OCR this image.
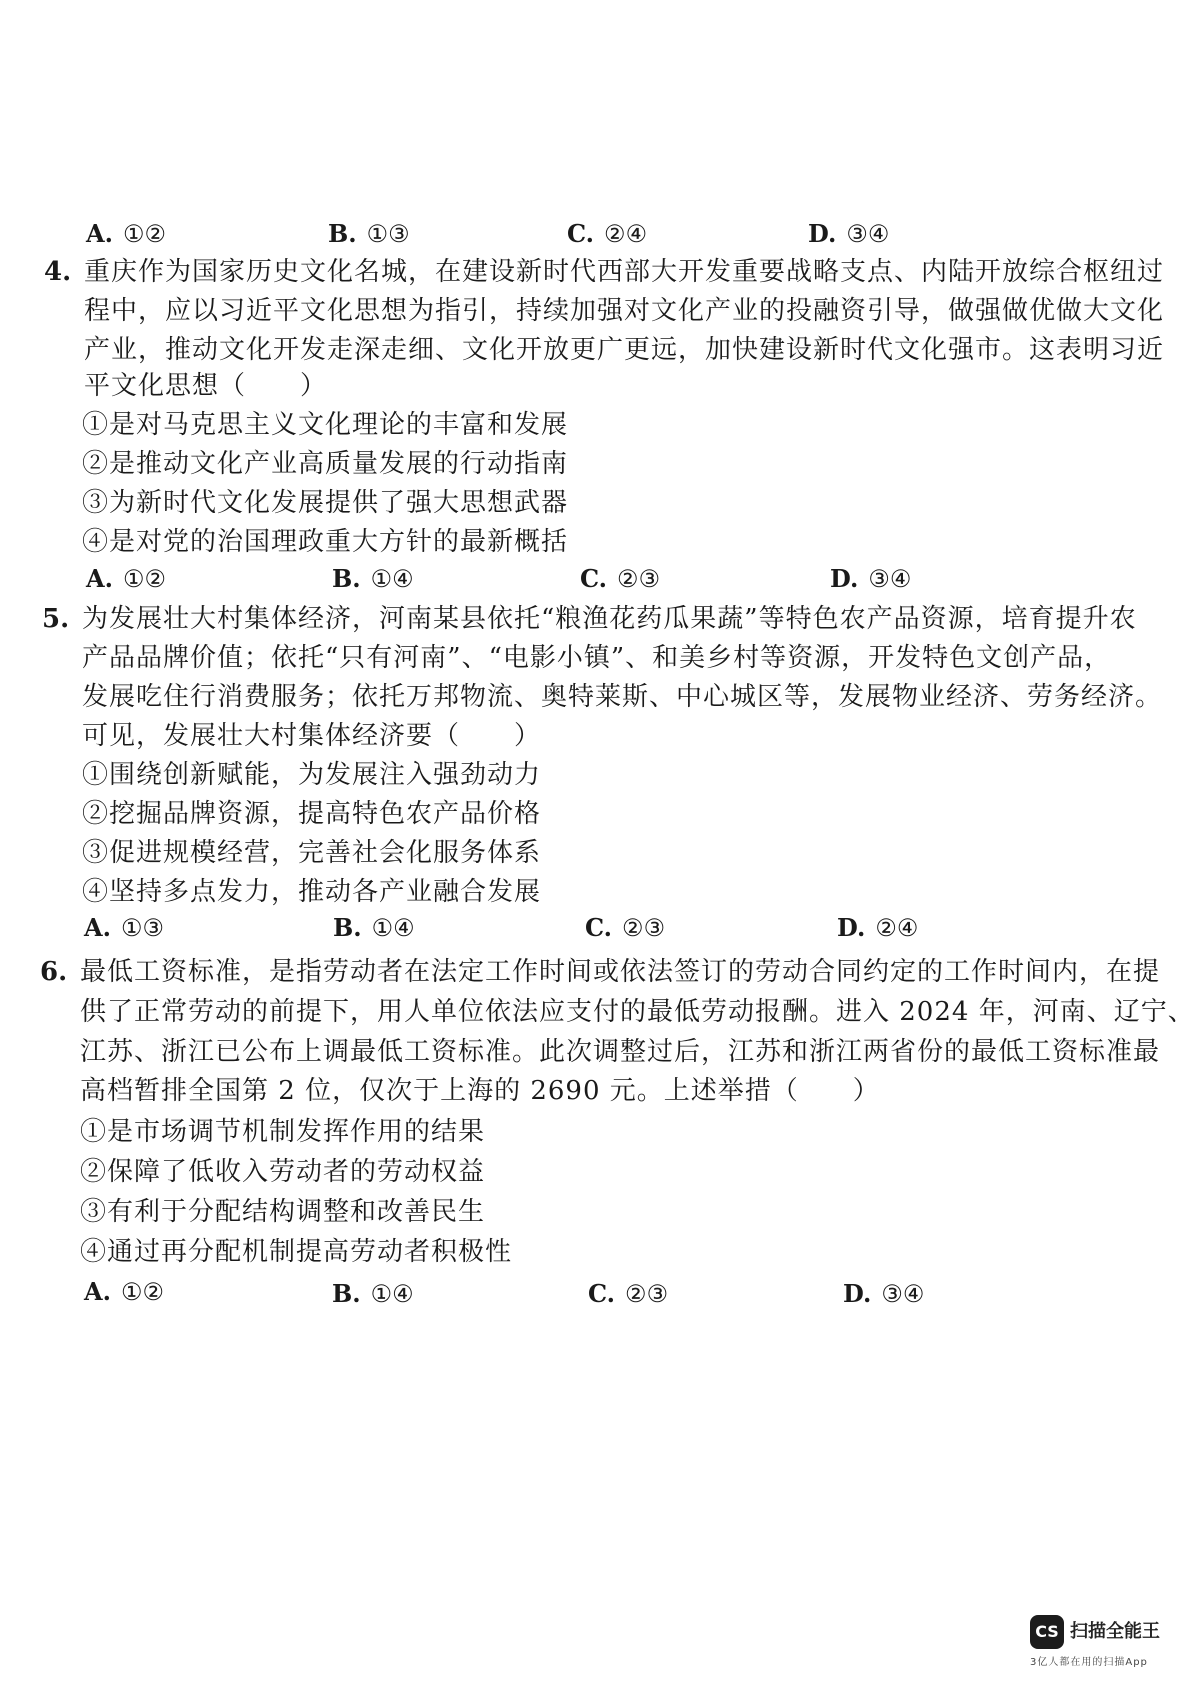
A. ①②	B. ①③	C. ②④	D. ③④
4. 重庆作为国家历史文化名城，在建设新时代西部大开发重要战略支点、内陆开放综合枢纽过
程中，应以习近平文化思想为指引，持续加强对文化产业的投融资引导，做强做优做大文化
产业，推动文化开发走深走细、文化开放更广更远，加快建设新时代文化强市。这表明习近
平文化思想（　　）
①是对马克思主义文化理论的丰富和发展
②是推动文化产业高质量发展的行动指南
③为新时代文化发展提供了强大思想武器
④是对党的治国理政重大方针的最新概括
A. ①②	B. ①④	C. ②③	D. ③④
5. 为发展壮大村集体经济，河南某县依托“粮渔花药瓜果蔬”等特色农产品资源，培育提升农
产品品牌价值；依托“只有河南”、“电影小镇”、和美乡村等资源，开发特色文创产品，
发展吃住行消费服务；依托万邦物流、奥特莱斯、中心城区等，发展物业经济、劳务经济。
可见，发展壮大村集体经济要（　　）
①围绕创新赋能，为发展注入强劲动力
②挖掘品牌资源，提高特色农产品价格
③促进规模经营，完善社会化服务体系
④坚持多点发力，推动各产业融合发展
A. ①③	B. ①④	C. ②③	D. ②④
6. 最低工资标准，是指劳动者在法定工作时间或依法签订的劳动合同约定的工作时间内，在提
供了正常劳动的前提下，用人单位依法应支付的最低劳动报酬。进入 2024 年，河南、辽宁、
江苏、浙江已公布上调最低工资标准。此次调整过后，江苏和浙江两省份的最低工资标准最
高档暂排全国第 2 位，仅次于上海的 2690 元。上述举措（　　）
①是市场调节机制发挥作用的结果
②保障了低收入劳动者的劳动权益
③有利于分配结构调整和改善民生
④通过再分配机制提高劳动者积极性
A. ①②	B. ①④	C. ②③	D. ③④
CS 扫描全能王
3亿人都在用的扫描App
